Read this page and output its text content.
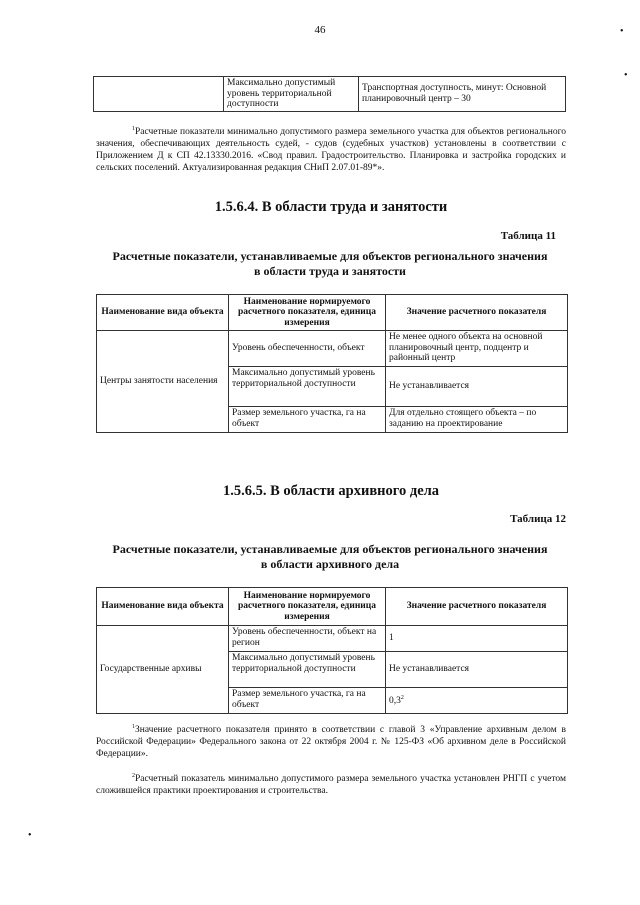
46	•
•
•
	Максимально допустимый уровень территориальной доступности	Транспортная доступность, минут: Основной планировочный центр – 30
$^1$Расчетные показатели минимально допустимого размера земельного участка для объектов регионального значения, обеспечивающих деятельность судей, - судов (судебных участков) установлены в соответствии с Приложением Д к СП 42.13330.2016. «Свод правил. Градостроительство. Планировка и застройка городских и сельских поселений. Актуализированная редакция СНиП 2.07.01-89*».
1.5.6.4. В области труда и занятости
Таблица 11
Расчетные показатели, устанавливаемые для объектов регионального значения
в области труда и занятости
Наименование вида объекта	Наименование нормируемого расчетного показателя, единица измерения	Значение расчетного показателя
Центры занятости населения	Уровень обеспеченности, объект	Не менее одного объекта на основной планировочный центр, подцентр и районный центр
	Максимально допустимый уровень территориальной доступности	Не устанавливается
	Размер земельного участка, га на объект	Для отдельно стоящего объекта – по заданию на проектирование
1.5.6.5. В области архивного дела
Таблица 12
Расчетные показатели, устанавливаемые для объектов регионального значения
в области архивного дела
Наименование вида объекта	Наименование нормируемого расчетного показателя, единица измерения	Значение расчетного показателя
Государственные архивы	Уровень обеспеченности, объект на регион	1
	Максимально допустимый уровень территориальной доступности	Не устанавливается
	Размер земельного участка, га на объект	$0,3^2$
$^1$Значение расчетного показателя принято в соответствии с главой 3 «Управление архивным делом в Российской Федерации» Федерального закона от 22 октября 2004 г. № 125-ФЗ «Об архивном деле в Российской Федерации».
$^2$Расчетный показатель минимально допустимого размера земельного участка установлен РНГП с учетом сложившейся практики проектирования и строительства.
